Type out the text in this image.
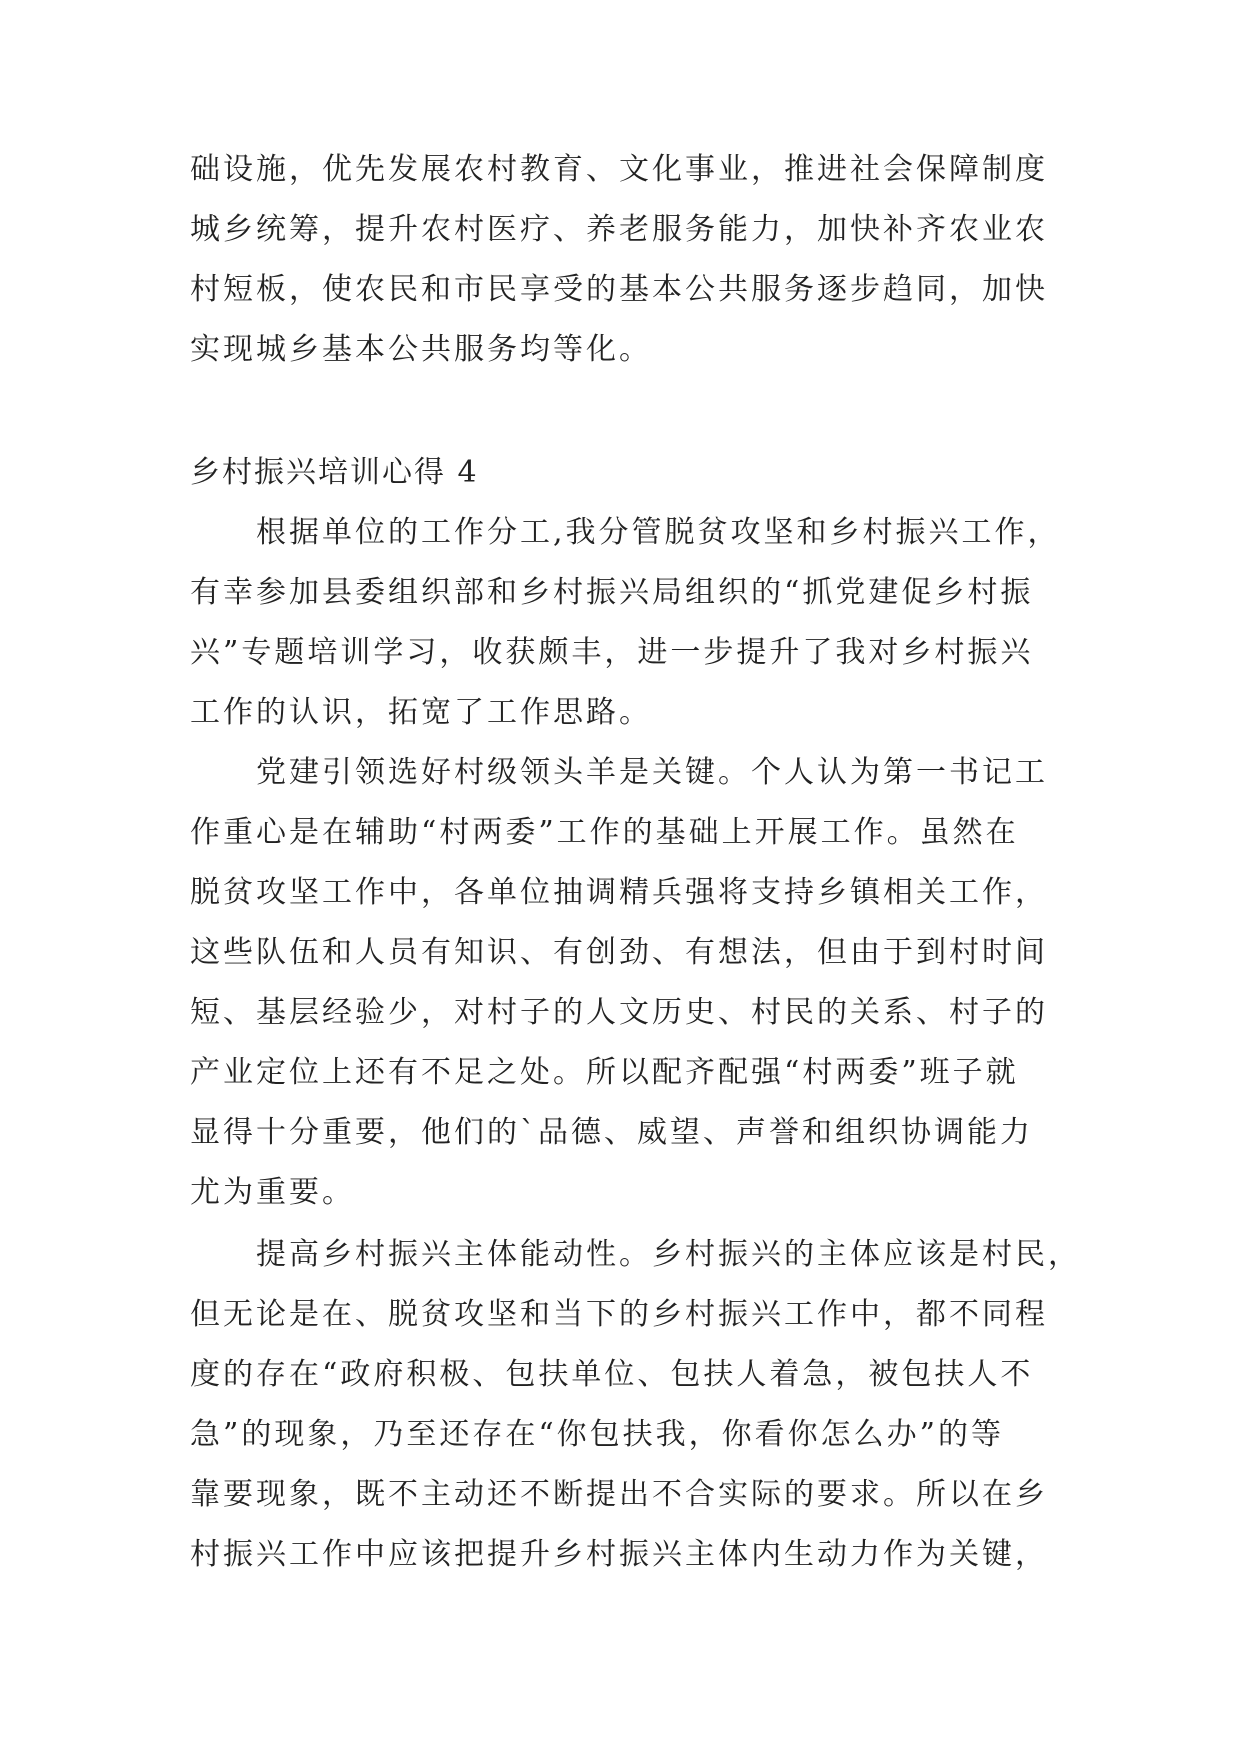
础设施，优先发展农村教育、文化事业，推进社会保障制度
城乡统筹，提升农村医疗、养老服务能力，加快补齐农业农
村短板，使农民和市民享受的基本公共服务逐步趋同，加快
实现城乡基本公共服务均等化。
乡村振兴培训心得 4
根据单位的工作分工,我分管脱贫攻坚和乡村振兴工作，
有幸参加县委组织部和乡村振兴局组织的“抓党建促乡村振
兴”专题培训学习，收获颇丰，进一步提升了我对乡村振兴
工作的认识，拓宽了工作思路。
党建引领选好村级领头羊是关键。个人认为第一书记工
作重心是在辅助“村两委”工作的基础上开展工作。虽然在
脱贫攻坚工作中，各单位抽调精兵强将支持乡镇相关工作，
这些队伍和人员有知识、有创劲、有想法，但由于到村时间
短、基层经验少，对村子的人文历史、村民的关系、村子的
产业定位上还有不足之处。所以配齐配强“村两委”班子就
显得十分重要，他们的`品德、威望、声誉和组织协调能力
尤为重要。
提高乡村振兴主体能动性。乡村振兴的主体应该是村民，
但无论是在、脱贫攻坚和当下的乡村振兴工作中，都不同程
度的存在“政府积极、包扶单位、包扶人着急，被包扶人不
急”的现象，乃至还存在“你包扶我，你看你怎么办”的等
靠要现象，既不主动还不断提出不合实际的要求。所以在乡
村振兴工作中应该把提升乡村振兴主体内生动力作为关键，
